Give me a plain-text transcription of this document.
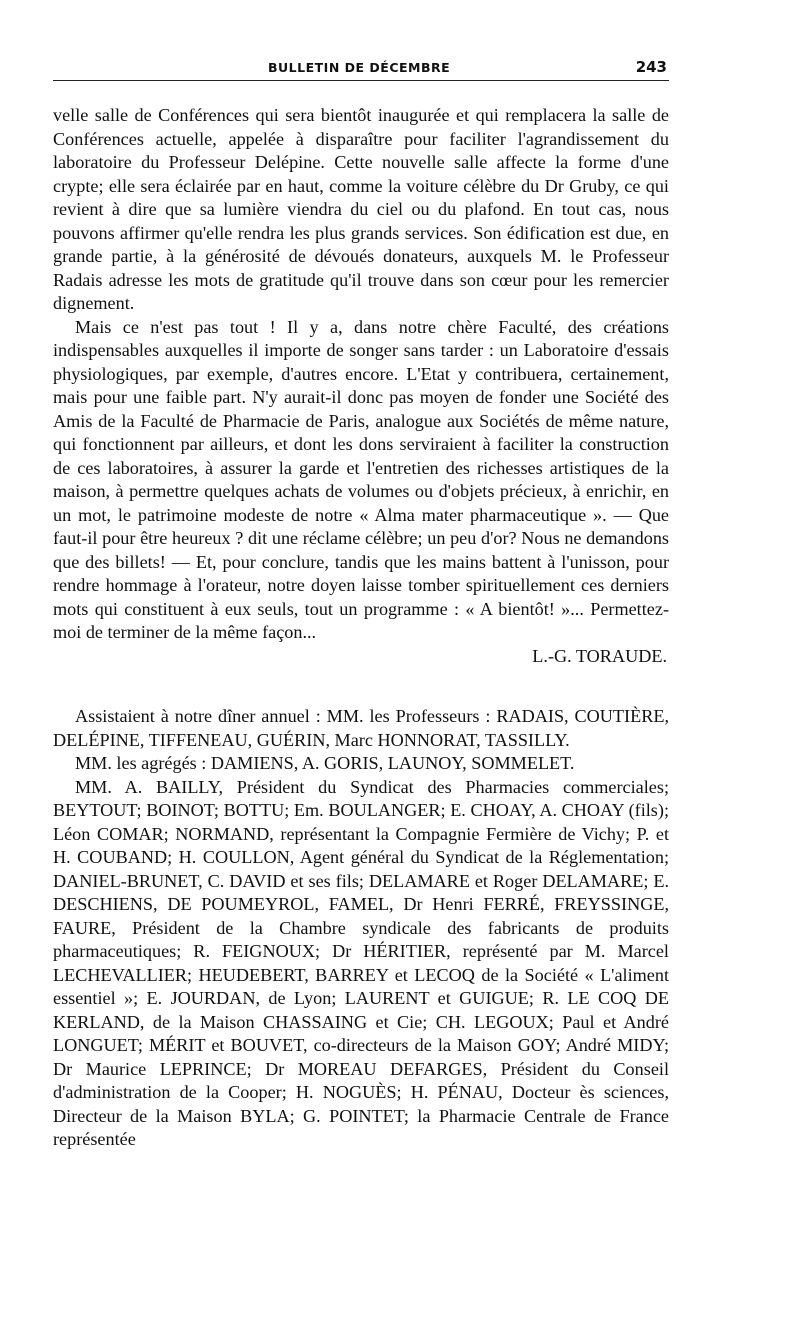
BULLETIN DE DÉCEMBRE	243

velle salle de Conférences qui sera bientôt inaugurée et qui remplacera la salle de Conférences actuelle, appelée à disparaître pour faciliter l'agrandissement du laboratoire du Professeur Delépine. Cette nouvelle salle affecte la forme d'une crypte; elle sera éclairée par en haut, comme la voiture célèbre du Dr Gruby, ce qui revient à dire que sa lumière viendra du ciel ou du plafond. En tout cas, nous pouvons affirmer qu'elle rendra les plus grands services. Son édification est due, en grande partie, à la générosité de dévoués donateurs, auxquels M. le Professeur Radais adresse les mots de gratitude qu'il trouve dans son cœur pour les remercier dignement.

Mais ce n'est pas tout ! Il y a, dans notre chère Faculté, des créations indispensables auxquelles il importe de songer sans tarder : un Laboratoire d'essais physiologiques, par exemple, d'autres encore. L'Etat y contribuera, certainement, mais pour une faible part. N'y aurait-il donc pas moyen de fonder une Société des Amis de la Faculté de Pharmacie de Paris, analogue aux Sociétés de même nature, qui fonctionnent par ailleurs, et dont les dons serviraient à faciliter la construction de ces laboratoires, à assurer la garde et l'entretien des richesses artistiques de la maison, à permettre quelques achats de volumes ou d'objets précieux, à enrichir, en un mot, le patrimoine modeste de notre « Alma mater pharmaceutique ». — Que faut-il pour être heureux ? dit une réclame célèbre; un peu d'or? Nous ne demandons que des billets! — Et, pour conclure, tandis que les mains battent à l'unisson, pour rendre hommage à l'orateur, notre doyen laisse tomber spirituellement ces derniers mots qui constituent à eux seuls, tout un programme : « A bientôt! »... Permettez-moi de terminer de la même façon...

L.-G. TORAUDE.

Assistaient à notre dîner annuel : MM. les Professeurs : RADAIS, COUTIÈRE, DELÉPINE, TIFFENEAU, GUÉRIN, Marc HONNORAT, TASSILLY.

MM. les agrégés : DAMIENS, A. GORIS, LAUNOY, SOMMELET.

MM. A. BAILLY, Président du Syndicat des Pharmacies commerciales; BEYTOUT; BOINOT; BOTTU; Em. BOULANGER; E. CHOAY, A. CHOAY (fils); Léon COMAR; NORMAND, représentant la Compagnie Fermière de Vichy; P. et H. COUBAND; H. COULLON, Agent général du Syndicat de la Réglementation; DANIEL-BRUNET, C. DAVID et ses fils; DELAMARE et Roger DELAMARE; E. DESCHIENS, DE POUMEYROL, FAMEL, Dr Henri FERRÉ, FREYSSINGE, FAURE, Président de la Chambre syndicale des fabricants de produits pharmaceutiques; R. FEIGNOUX; Dr HÉRITIER, représenté par M. Marcel LECHEVALLIER; HEUDEBERT, BARREY et LECOQ de la Société « L'aliment essentiel »; E. JOURDAN, de Lyon; LAURENT et GUIGUE; R. LE COQ DE KERLAND, de la Maison CHASSAING et Cie; CH. LEGOUX; Paul et André LONGUET; MÉRIT et BOUVET, co-directeurs de la Maison GOY; André MIDY; Dr Maurice LEPRINCE; Dr MOREAU DEFARGES, Président du Conseil d'administration de la Cooper; H. NOGUÈS; H. PÉNAU, Docteur ès sciences, Directeur de la Maison BYLA; G. POINTET; la Pharmacie Centrale de France représentée
